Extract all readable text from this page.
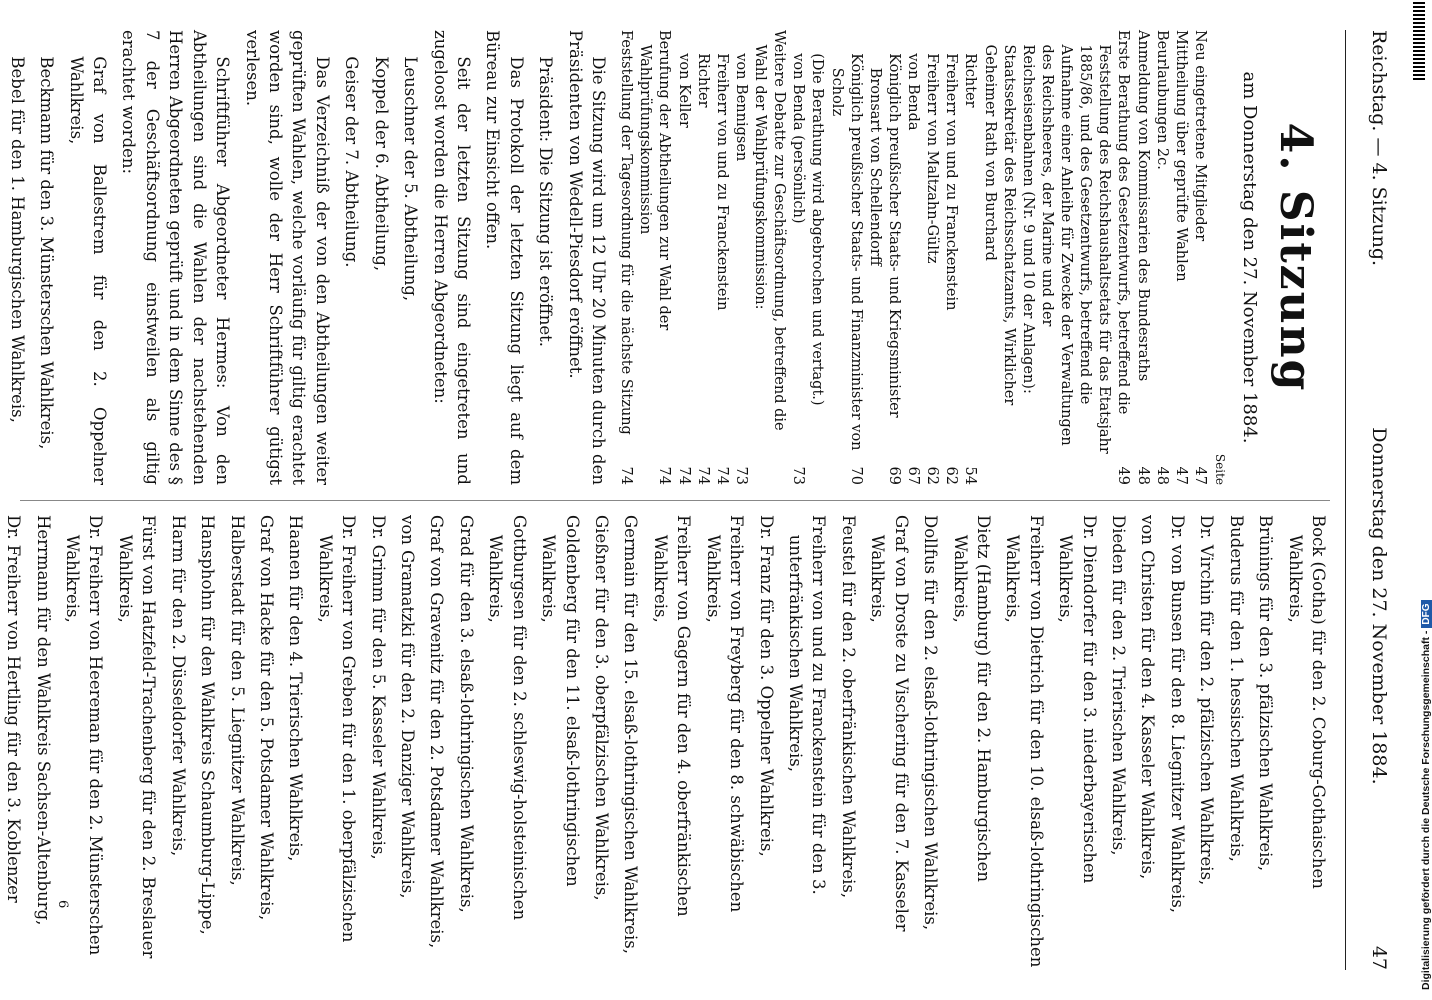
Reichstag. — 4. Sitzung.
Donnerstag den 27. November 1884.
47
4. Sitzung
am Donnerstag den 27. November 1884.
Seite
Neu eingetretene Mitglieder
47
Mittheilung über geprüfte Wahlen
47
Beurlaubungen 2c.
48
Anmeldung von Kommissarien des Bundesraths
48
Erste Berathung des Gesetzentwurfs, betreffend die Feststellung des Reichshaushaltsetats für das Etatsjahr 1885/86, und des Gesetzentwurfs, betreffend die Aufnahme einer Anleihe für Zwecke der Verwaltungen des Reichsheeres, der Marine und der Reichseisenbahnen (Nr. 9 und 10 der Anlagen): Staatssekretär des Reichsschatzamts, Wirklicher Geheimer Rath von Burchard
49
Richter
54
Freiherr von und zu Franckenstein
62
Freiherr von Maltzahn-Gültz
62
von Benda
67
Königlich preußischer Staats- und Kriegsminister Bronsart von Schellendorff
69
Königlich preußischer Staats- und Finanzminister von Scholz
70
(Die Berathung wird abgebrochen und vertagt.)
von Benda (persönlich)
73
Weitere Debatte zur Geschäftsordnung, betreffend die Wahl der Wahlprüfungskommission:
von Bennigsen
73
Freiherr von und zu Franckenstein
74
Richter
74
von Keller
74
Berufung der Abtheilungen zur Wahl der Wahlprüfungskommission
74
Feststellung der Tagesordnung für die nächste Sitzung
74
Die Sitzung wird um 12 Uhr 20 Minuten durch den Präsidenten von Wedell-Piesdorf eröffnet.
Präsident: Die Sitzung ist eröffnet.
Das Protokoll der letzten Sitzung liegt auf dem Büreau zur Einsicht offen.
Seit der letzten Sitzung sind eingetreten und zugeloost worden die Herren Abgeordneten:
Leuschner der 5. Abtheilung,
Koppel der 6. Abtheilung,
Geiser der 7. Abtheilung.
Das Verzeichniß der von den Abtheilungen weiter geprüften Wahlen, welche vorläufig für giltig erachtet worden sind, wolle der Herr Schriftführer gütigst verlesen.
Schriftführer Abgeordneter Hermes: Von den Abtheilungen sind die Wahlen der nachstehenden Herren Abgeordneten geprüft und in dem Sinne des § 7 der Geschäftsordnung einstweilen als giltig erachtet worden:
Graf von Ballestrem für den 2. Oppelner Wahlkreis,
Beckmann für den 3. Münsterschen Wahlkreis,
Bebel für den 1. Hamburgischen Wahlkreis,
Bock (Gotha) für den 2. Coburg-Gothaischen Wahlkreis,
Brünings für den 3. pfälzischen Wahlkreis,
Buderus für den 1. hessischen Wahlkreis,
Dr. Virchin für den 2. pfälzischen Wahlkreis,
Dr. von Bunsen für den 8. Liegnitzer Wahlkreis,
von Christen für den 4. Kasseler Wahlkreis,
Dieden für den 2. Trierischen Wahlkreis,
Dr. Diendorfer für den 3. niederbayerischen Wahlkreis,
Freiherr von Dietrich für den 10. elsaß-lothringischen Wahlkreis,
Dietz (Hamburg) für den 2. Hamburgischen Wahlkreis,
Dollfus für den 2. elsaß-lothringischen Wahlkreis,
Graf von Droste zu Vischering für den 7. Kasseler Wahlkreis,
Feustel für den 2. oberfränkischen Wahlkreis,
Freiherr von und zu Franckenstein für den 3. unterfränkischen Wahlkreis,
Dr. Franz für den 3. Oppelner Wahlkreis,
Freiherr von Freyberg für den 8. schwäbischen Wahlkreis,
Freiherr von Gagern für den 4. oberfränkischen Wahlkreis,
Germain für den 15. elsaß-lothringischen Wahlkreis,
Gießner für den 3. oberpfälzischen Wahlkreis,
Goldenberg für den 11. elsaß-lothringischen Wahlkreis,
Gottburgsen für den 2. schleswig-holsteinischen Wahlkreis,
Grad für den 3. elsaß-lothringischen Wahlkreis,
Graf von Gravenitz für den 2. Potsdamer Wahlkreis,
von Gramatzki für den 2. Danziger Wahlkreis,
Dr. Grimm für den 5. Kasseler Wahlkreis,
Dr. Freiherr von Greben für den 1. oberpfälzischen Wahlkreis,
Haanen für den 4. Trierischen Wahlkreis,
Graf von Hacke für den 5. Potsdamer Wahlkreis,
Halberstadt für den 5. Liegnitzer Wahlkreis,
Hansphohn für den Wahlkreis Schaumburg-Lippe,
Harm für den 2. Düsseldorfer Wahlkreis,
Fürst von Hatzfeld-Trachenberg für den 2. Breslauer Wahlkreis,
Dr. Freiherr von Heereman für den 2. Münsterschen Wahlkreis,
Herrmann für den Wahlkreis Sachsen-Altenburg,
Dr. Freiherr von Hertling für den 3. Koblenzer
6	Digitalisierung gefördert durch die Deutsche Forschungsgemeinschaft -DFG
